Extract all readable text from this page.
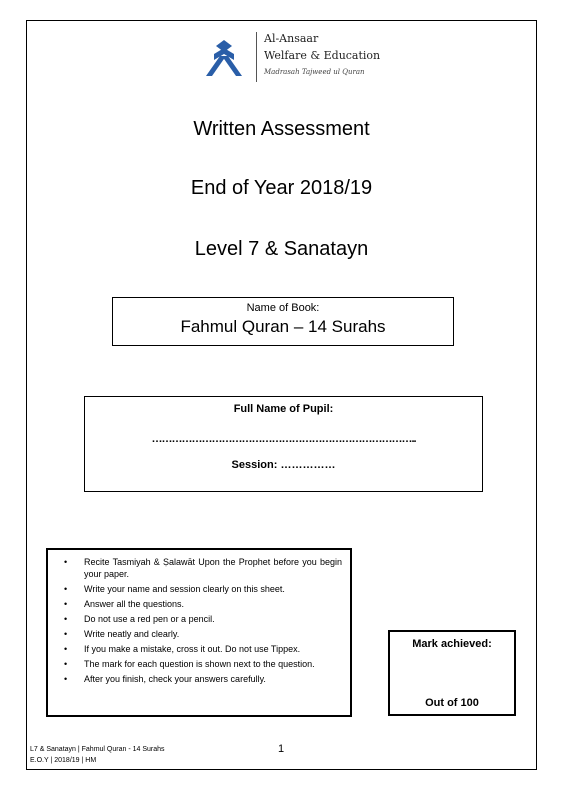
Al-Ansaar
Welfare & Education
Madrasah Tajweed ul Quran
Written Assessment
End of Year 2018/19
Level 7 & Sanatayn
Name of Book:
Fahmul Quran – 14 Surahs
Full Name of Pupil:
……………………………………………………………………..
Session: ……………
• Recite Tasmiyah & Ṣalawāt Upon the Prophet before you begin your paper.
• Write your name and session clearly on this sheet.
• Answer all the questions.
• Do not use a red pen or a pencil.
• Write neatly and clearly.
• If you make a mistake, cross it out. Do not use Tippex.
• The mark for each question is shown next to the question.
• After you finish, check your answers carefully.
Mark achieved:
Out of 100
L7 & Sanatayn | Fahmul Quran - 14 Surahs
E.O.Y | 2018/19 | HM
1
